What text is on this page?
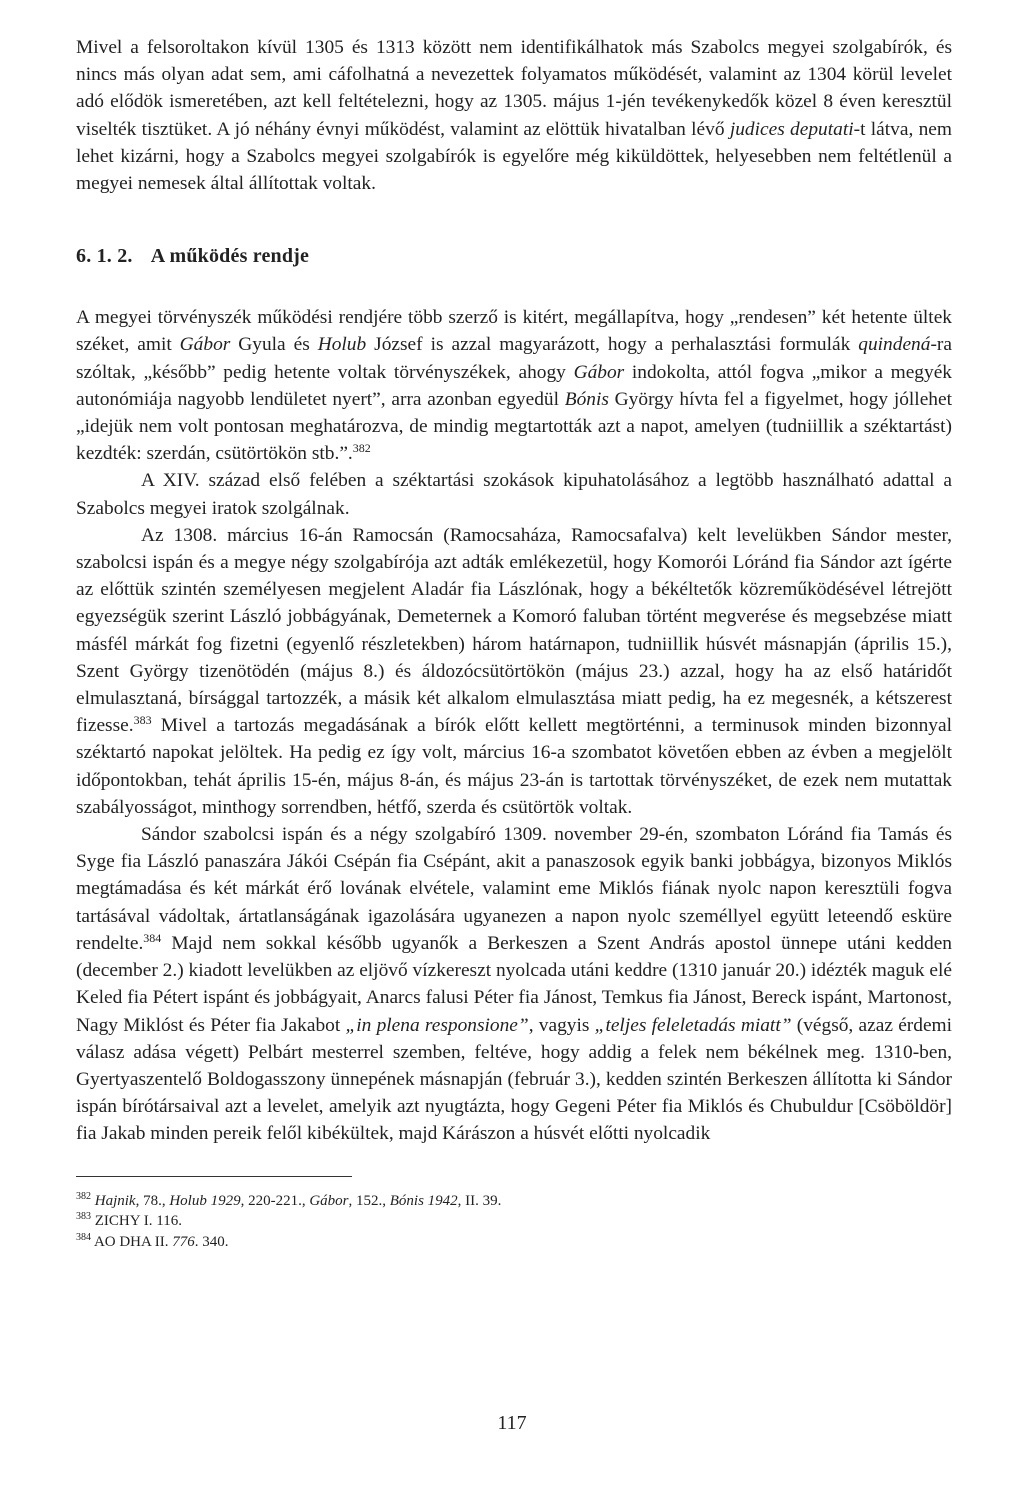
Mivel a felsoroltakon kívül 1305 és 1313 között nem identifikálhatok más Szabolcs megyei szolgabírók, és nincs más olyan adat sem, ami cáfolhatná a nevezettek folyamatos működését, valamint az 1304 körül levelet adó elődök ismeretében, azt kell feltételezni, hogy az 1305. május 1-jén tevékenykedők közel 8 éven keresztül viselték tisztüket. A jó néhány évnyi működést, valamint az elöttük hivatalban lévő judices deputati-t látva, nem lehet kizárni, hogy a Szabolcs megyei szolgabírók is egyelőre még kiküldöttek, helyesebben nem feltétlenül a megyei nemesek által állítottak voltak.

6. 1. 2. A működés rendje

A megyei törvényszék működési rendjére több szerző is kitért, megállapítva, hogy „rendesen” két hetente ültek széket, amit Gábor Gyula és Holub József is azzal magyarázott, hogy a perhalasztási formulák quindená-ra szóltak, „később” pedig hetente voltak törvényszékek, ahogy Gábor indokolta, attól fogva „mikor a megyék autonómiája nagyobb lendületet nyert”, arra azonban egyedül Bónis György hívta fel a figyelmet, hogy jóllehet „idejük nem volt pontosan meghatározva, de mindig megtartották azt a napot, amelyen (tudniillik a széktartást) kezdték: szerdán, csütörtökön stb.”.$^{382}$

A XIV. század első felében a széktartási szokások kipuhatolásához a legtöbb használható adattal a Szabolcs megyei iratok szolgálnak.

Az 1308. március 16-án Ramocsán (Ramocsaháza, Ramocsafalva) kelt levelükben Sándor mester, szabolcsi ispán és a megye négy szolgabírója azt adták emlékezetül, hogy Komorói Lóránd fia Sándor azt ígérte az előttük szintén személyesen megjelent Aladár fia Lászlónak, hogy a békéltetők közreműködésével létrejött egyezségük szerint László jobbágyának, Demeternek a Komoró faluban történt megverése és megsebzése miatt másfél márkát fog fizetni (egyenlő részletekben) három határnapon, tudniillik húsvét másnapján (április 15.), Szent György tizenötödén (május 8.) és áldozócsütörtökön (május 23.) azzal, hogy ha az első határidőt elmulasztaná, bírsággal tartozzék, a másik két alkalom elmulasztása miatt pedig, ha ez megesnék, a kétszerest fizesse.$^{383}$ Mivel a tartozás megadásának a bírók előtt kellett megtörténni, a terminusok minden bizonnyal széktartó napokat jelöltek. Ha pedig ez így volt, március 16-a szombatot követően ebben az évben a megjelölt időpontokban, tehát április 15-én, május 8-án, és május 23-án is tartottak törvényszéket, de ezek nem mutattak szabályosságot, minthogy sorrendben, hétfő, szerda és csütörtök voltak.

Sándor szabolcsi ispán és a négy szolgabíró 1309. november 29-én, szombaton Lóránd fia Tamás és Syge fia László panaszára Jákói Csépán fia Csépánt, akit a panaszosok egyik banki jobbágya, bizonyos Miklós megtámadása és két márkát érő lovának elvétele, valamint eme Miklós fiának nyolc napon keresztüli fogva tartásával vádoltak, ártatlanságának igazolására ugyanezen a napon nyolc személlyel együtt leteendő esküre rendelte.$^{384}$ Majd nem sokkal később ugyanők a Berkeszen a Szent András apostol ünnepe utáni kedden (december 2.) kiadott levelükben az eljövő vízkereszt nyolcada utáni keddre (1310 január 20.) idézték maguk elé Keled fia Pétert ispánt és jobbágyait, Anarcs falusi Péter fia Jánost, Temkus fia Jánost, Bereck ispánt, Martonost, Nagy Miklóst és Péter fia Jakabot „in plena responsione”, vagyis „teljes feleletadás miatt” (végső, azaz érdemi válasz adása végett) Pelbárt mesterrel szemben, feltéve, hogy addig a felek nem békélnek meg. 1310-ben, Gyertyaszentelő Boldogasszony ünnepének másnapján (február 3.), kedden szintén Berkeszen állította ki Sándor ispán bírótársaival azt a levelet, amelyik azt nyugtázta, hogy Gegeni Péter fia Miklós és Chubuldur [Csöböldör] fia Jakab minden pereik felől kibékültek, majd Kárászon a húsvét előtti nyolcadik

$^{382}$ Hajnik, 78., Holub 1929, 220-221., Gábor, 152., Bónis 1942, II. 39.
$^{383}$ ZICHY I. 116.
$^{384}$ AO DHA II. 776. 340.
117
